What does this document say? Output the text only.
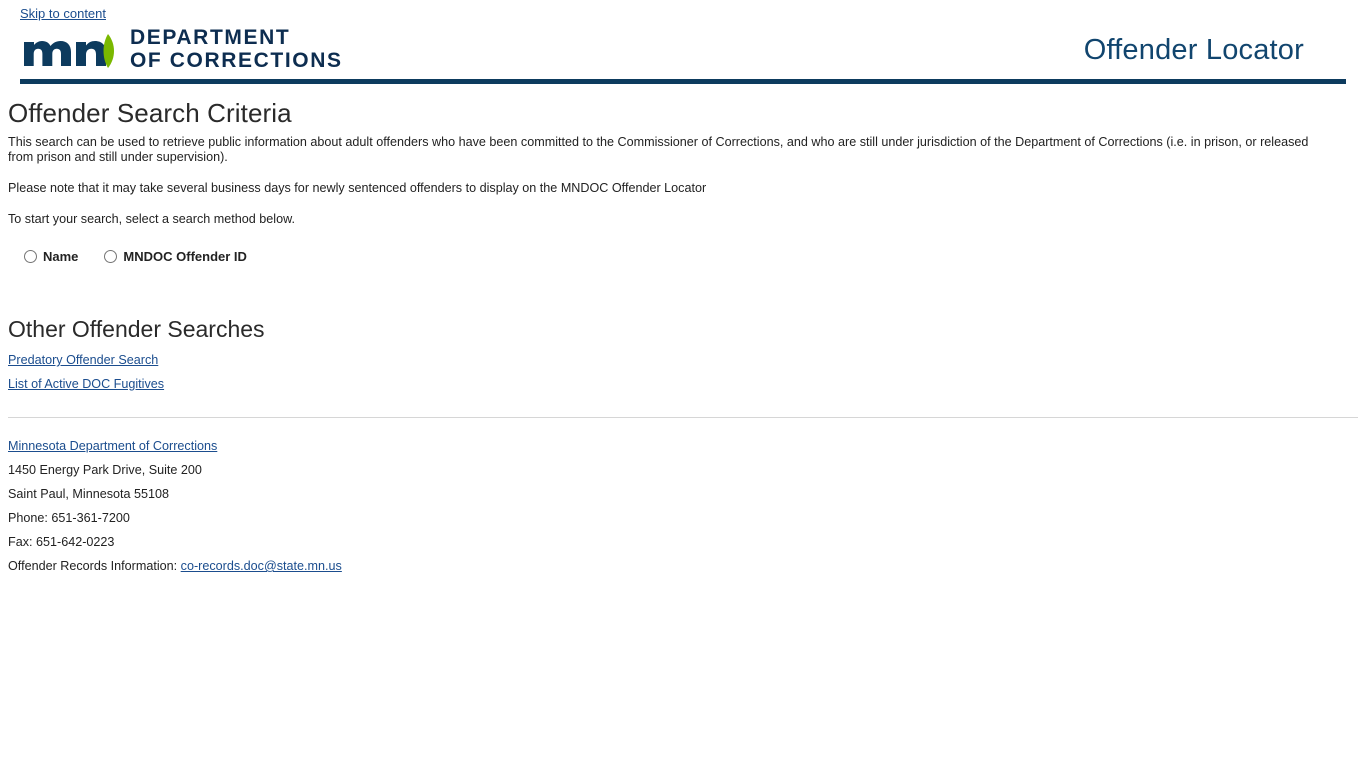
Skip to content
DEPARTMENT
OF CORRECTIONS	Offender Locator
Offender Search Criteria

This search can be used to retrieve public information about adult offenders who have been committed to the Commissioner of Corrections, and who are still under jurisdiction of the Department of Corrections (i.e. in prison, or released from prison and still under supervision).

Please note that it may take several business days for newly sentenced offenders to display on the MNDOC Offender Locator

To start your search, select a search method below.

Name	MNDOC Offender ID
Other Offender Searches
Predatory Offender Search
List of Active DOC Fugitives
Minnesota Department of Corrections
1450 Energy Park Drive, Suite 200
Saint Paul, Minnesota 55108
Phone: 651-361-7200
Fax: 651-642-0223
Offender Records Information: co-records.doc@state.mn.us
